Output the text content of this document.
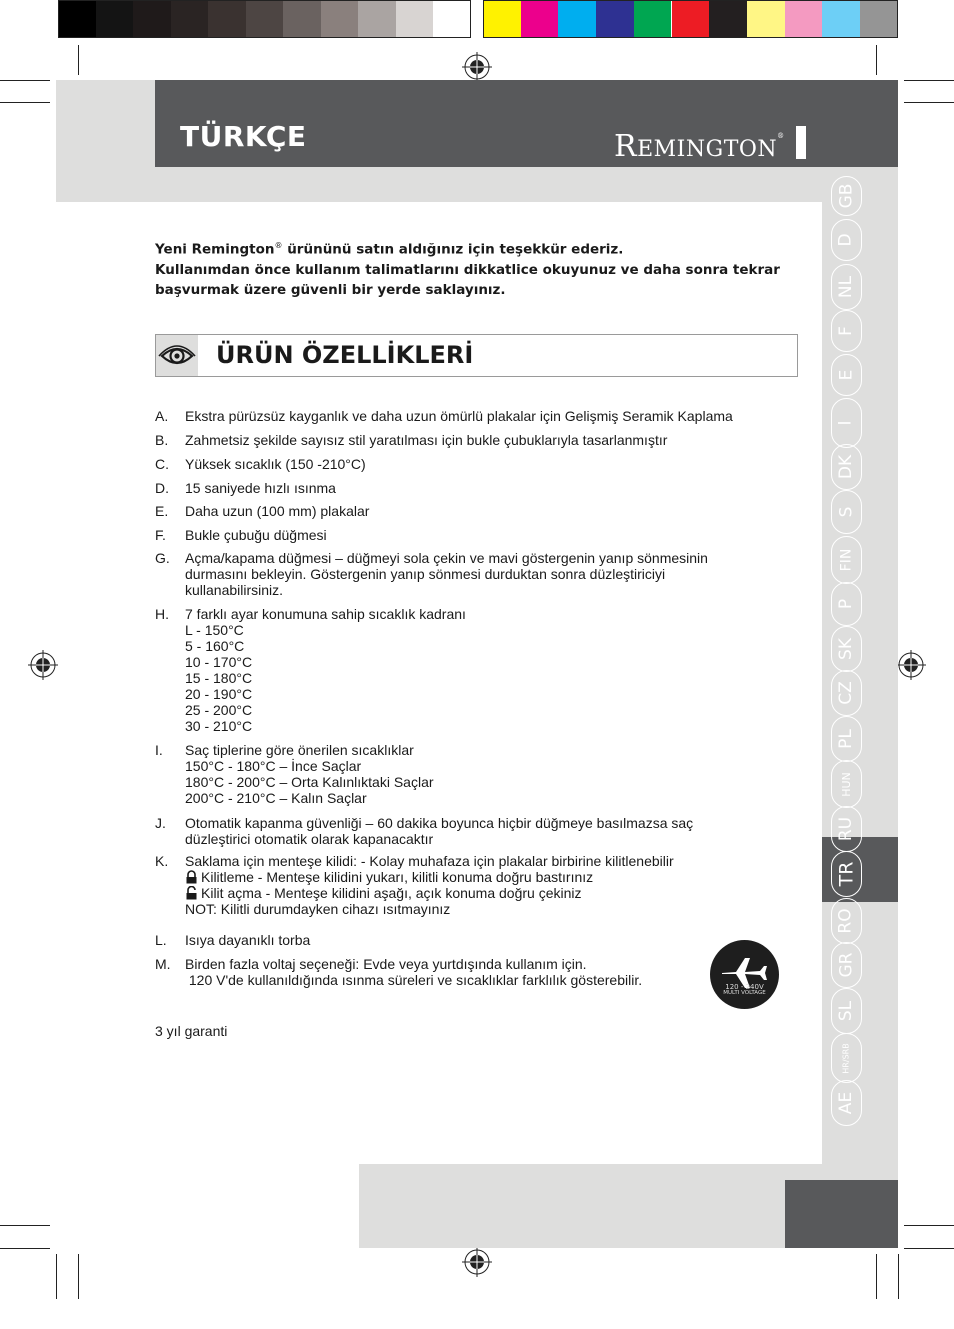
TÜRKÇE	REMINGTON®
GB
D
NL
F
E
I
DK
S
FIN
P
SK
CZ
PL
HUN
RU
TR
RO
GR
SL
HR/SRB
AE
Yeni Remington® ürününü satın aldığınız için teşekkür ederiz.
Kullanımdan önce kullanım talimatlarını dikkatlice okuyunuz ve daha sonra tekrar başvurmak üzere güvenli bir yerde saklayınız.
ÜRÜN ÖZELLİKLERİ
A.	Ekstra pürüzsüz kayganlık ve daha uzun ömürlü plakalar için Gelişmiş Seramik Kaplama
B.	Zahmetsiz şekilde sayısız stil yaratılması için bukle çubuklarıyla tasarlanmıştır
C.	Yüksek sıcaklık (150 -210°C)
D.	15 saniyede hızlı ısınma
E.	Daha uzun (100 mm) plakalar
F.	Bukle çubuğu düğmesi
G.	Açma/kapama düğmesi – düğmeyi sola çekin ve mavi göstergenin yanıp sönmesinin
durmasını bekleyin. Göstergenin yanıp sönmesi durduktan sonra düzleştiriciyi
kullanabilirsiniz.
H.	7 farklı ayar konumuna sahip sıcaklık kadranı
L - 150°C
5 - 160°C
10 - 170°C
15 - 180°C
20 - 190°C
25 - 200°C
30 - 210°C
I.	Saç tiplerine göre önerilen sıcaklıklar
150°C - 180°C – İnce Saçlar
180°C - 200°C – Orta Kalınlıktaki Saçlar
200°C - 210°C – Kalın Saçlar
J.	Otomatik kapanma güvenliği – 60 dakika boyunca hiçbir düğmeye basılmazsa saç
düzleştirici otomatik olarak kapanacaktır
K.	Saklama için menteşe kilidi: - Kolay muhafaza için plakalar birbirine kilitlenebilir
Kilitleme - Menteşe kilidini yukarı, kilitli konuma doğru bastırınız
Kilit açma - Menteşe kilidini aşağı, açık konuma doğru çekiniz
NOT: Kilitli durumdayken cihazı ısıtmayınız
L.	Isıya dayanıklı torba
M.	Birden fazla voltaj seçeneği: Evde veya yurtdışında kullanım için.
120 V'de kullanıldığında ısınma süreleri ve sıcaklıklar farklılık gösterebilir.	120 - 240V
MULTI VOLTAGE
3 yıl garanti
